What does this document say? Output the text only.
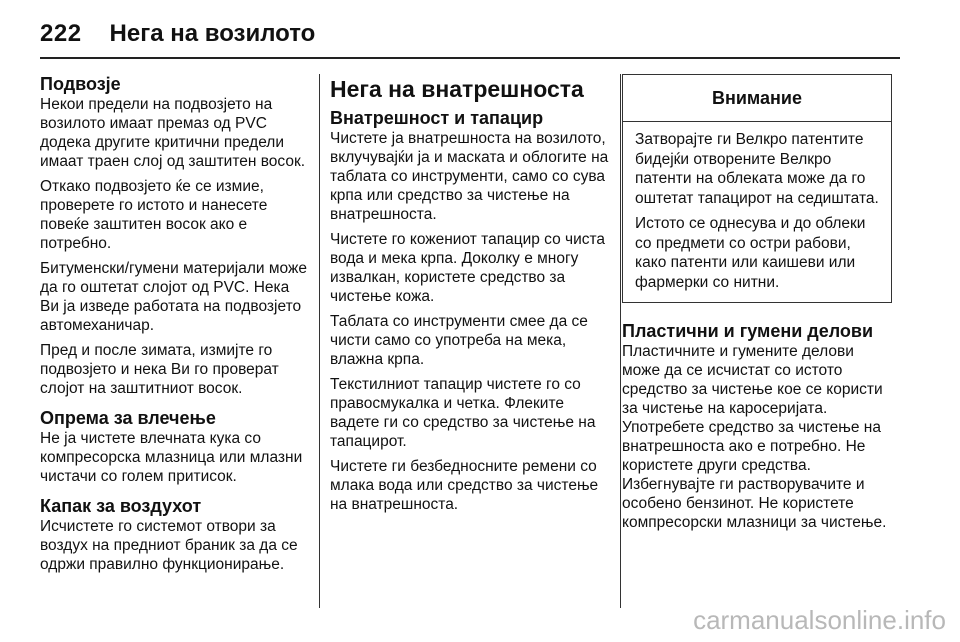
222 Нега на возилото
Подвозје

Некои предели на подвозјето на возилото имаат премаз од PVC додека другите критични предели имаат траен слој од заштитен восок.

Откако подвозјето ќе се измие, проверете го истото и нанесете повеќе заштитен восок ако е потребно.

Битуменски/гумени материјали може да го оштетат слојот од PVC. Нека Ви ја изведе работата на подвозјето автомеханичар.

Пред и после зимата, измијте го подвозјето и нека Ви го проверат слојот на заштитниот восок.

Опрема за влечење

Не ја чистете влечната кука со компресорска млазница или млазни чистачи со голем притисок.

Капак за воздухот

Исчистете го системот отвори за воздух на предниот браник за да се одржи правилно функционирање.

Нега на внатрешноста
Внатрешност и тапацир

Чистете ја внатрешноста на возилото, вклучувајќи ја и маската и облогите на таблата со инструменти, само со сува крпа или средство за чистење на внатрешноста.

Чистете го кожениот тапацир со чиста вода и мека крпа. Доколку е многу извалкан, користете средство за чистење кожа.

Таблата со инструменти смее да се чисти само со употреба на мека, влажна крпа.

Текстилниот тапацир чистете го со правосмукалка и четка. Флеките вадете ги со средство за чистење на тапацирот.

Чистете ги безбедносните ремени со млака вода или средство за чистење на внатрешноста.

Внимание

Затворајте ги Велкро патентите бидејќи отворените Велкро патенти на облеката може да го оштетат тапацирот на седиштата.

Истото се однесува и до облеки со предмети со остри рабови, како патенти или каишеви или фармерки со нитни.

Пластични и гумени делови

Пластичните и гумените делови може да се исчистат со истото средство за чистење кое се користи за чистење на каросеријата. Употребете средство за чистење на внатрешноста ако е потребно. Не користете други средства. Избегнувајте ги растворувачите и особено бензинот. Не користете компресорски млазници за чистење.

carmanualsonline.info
